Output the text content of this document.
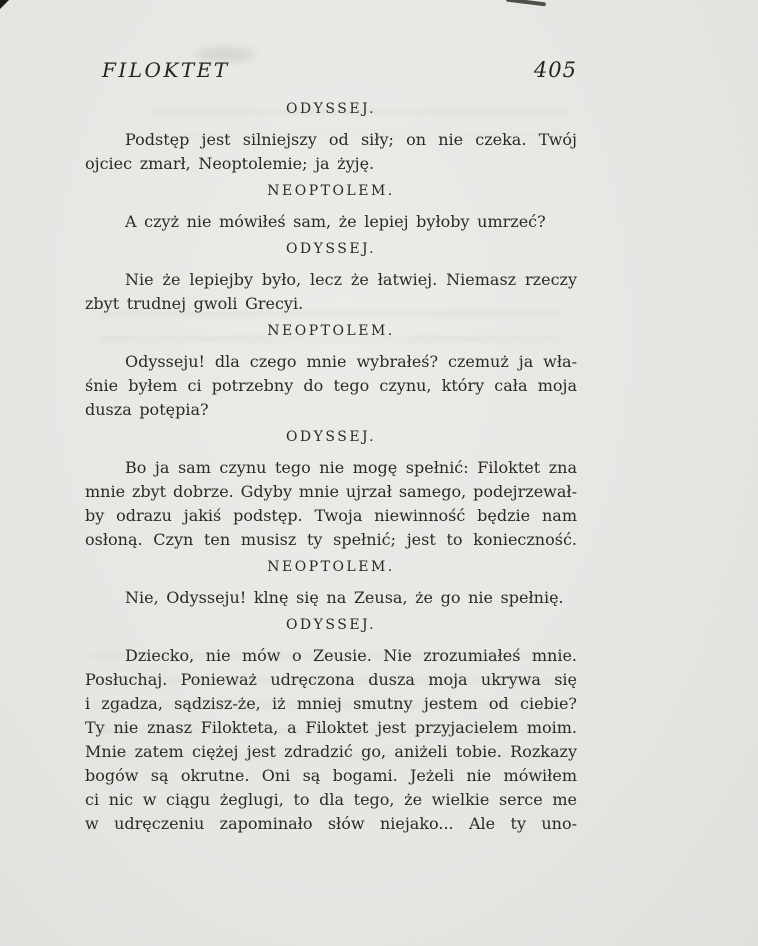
FILOKTET	405
ODYSSEJ.
Podstęp jest silniejszy od siły; on nie czeka. Twój
ojciec zmarł, Neoptolemie; ja żyję.
NEOPTOLEM.
A czyż nie mówiłeś sam, że lepiej byłoby umrzeć?
ODYSSEJ.
Nie że lepiejby było, lecz że łatwiej. Niemasz rzeczy
zbyt trudnej gwoli Grecyi.
NEOPTOLEM.
Odysseju! dla czego mnie wybrałeś? czemuż ja wła-
śnie byłem ci potrzebny do tego czynu, który cała moja
dusza potępia?
ODYSSEJ.
Bo ja sam czynu tego nie mogę spełnić: Filoktet zna
mnie zbyt dobrze. Gdyby mnie ujrzał samego, podejrzewał-
by odrazu jakiś podstęp. Twoja niewinność będzie nam
osłoną. Czyn ten musisz ty spełnić; jest to konieczność.
NEOPTOLEM.
Nie, Odysseju! klnę się na Zeusa, że go nie spełnię.
ODYSSEJ.
Dziecko, nie mów o Zeusie. Nie zrozumiałeś mnie.
Posłuchaj. Ponieważ udręczona dusza moja ukrywa się
i zgadza, sądzisz-że, iż mniej smutny jestem od ciebie?
Ty nie znasz Filokteta, a Filoktet jest przyjacielem moim.
Mnie zatem ciężej jest zdradzić go, aniżeli tobie. Rozkazy
bogów są okrutne. Oni są bogami. Jeżeli nie mówiłem
ci nic w ciągu żeglugi, to dla tego, że wielkie serce me
w udręczeniu zapominało słów niejako... Ale ty uno-
